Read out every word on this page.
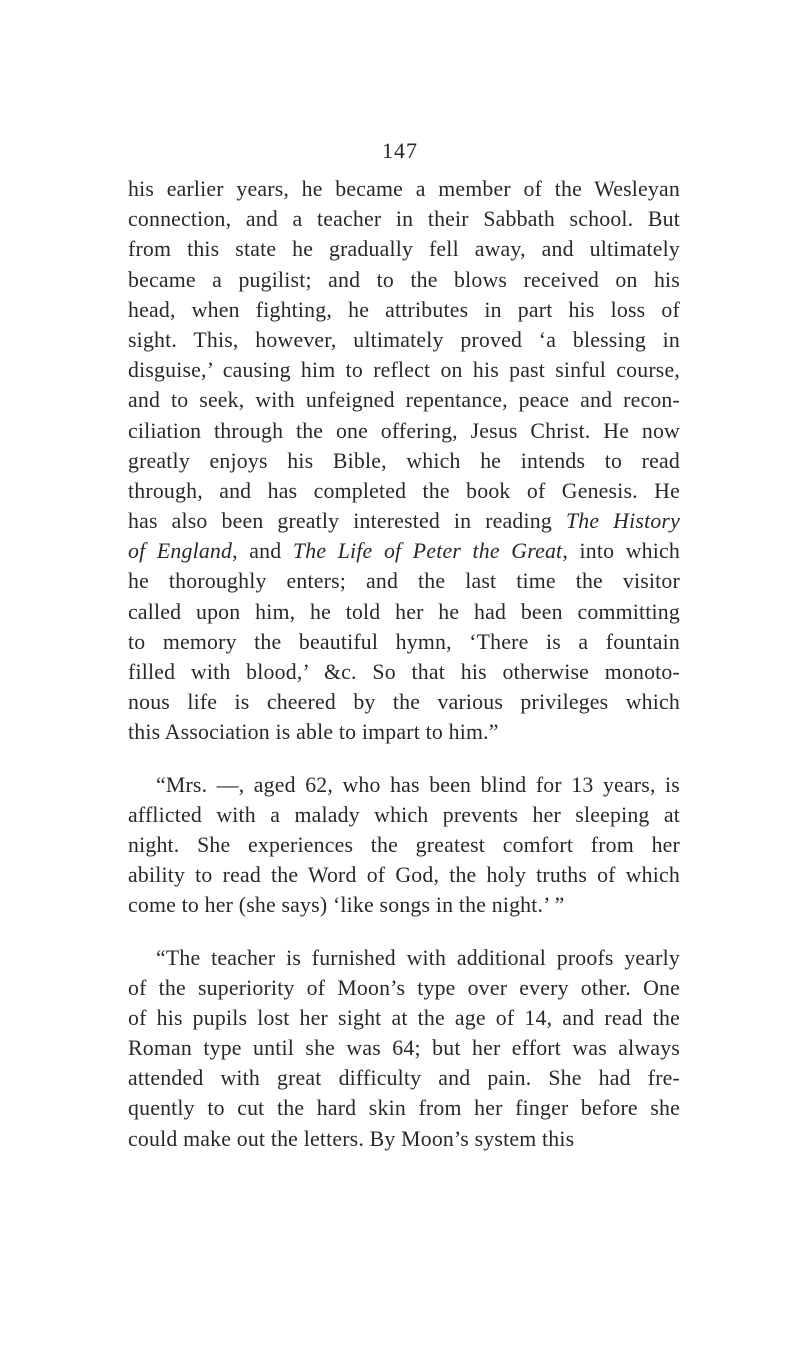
147
his earlier years, he became a member of the Wesleyan
connection, and a teacher in their Sabbath school. But
from this state he gradually fell away, and ultimately
became a pugilist; and to the blows received on his
head, when fighting, he attributes in part his loss of
sight. This, however, ultimately proved ‘a blessing in
disguise,’ causing him to reflect on his past sinful course,
and to seek, with unfeigned repentance, peace and recon-
ciliation through the one offering, Jesus Christ. He now
greatly enjoys his Bible, which he intends to read
through, and has completed the book of Genesis. He
has also been greatly interested in reading The History
of England, and The Life of Peter the Great, into which
he thoroughly enters; and the last time the visitor
called upon him, he told her he had been committing
to memory the beautiful hymn, ‘There is a fountain
filled with blood,’ &c. So that his otherwise monoto-
nous life is cheered by the various privileges which
this Association is able to impart to him.”
“Mrs. —, aged 62, who has been blind for 13 years, is
afflicted with a malady which prevents her sleeping at
night. She experiences the greatest comfort from her
ability to read the Word of God, the holy truths of which
come to her (she says) ‘like songs in the night.’ ”
“The teacher is furnished with additional proofs yearly
of the superiority of Moon’s type over every other. One
of his pupils lost her sight at the age of 14, and read the
Roman type until she was 64; but her effort was always
attended with great difficulty and pain. She had fre-
quently to cut the hard skin from her finger before she
could make out the letters. By Moon’s system this
